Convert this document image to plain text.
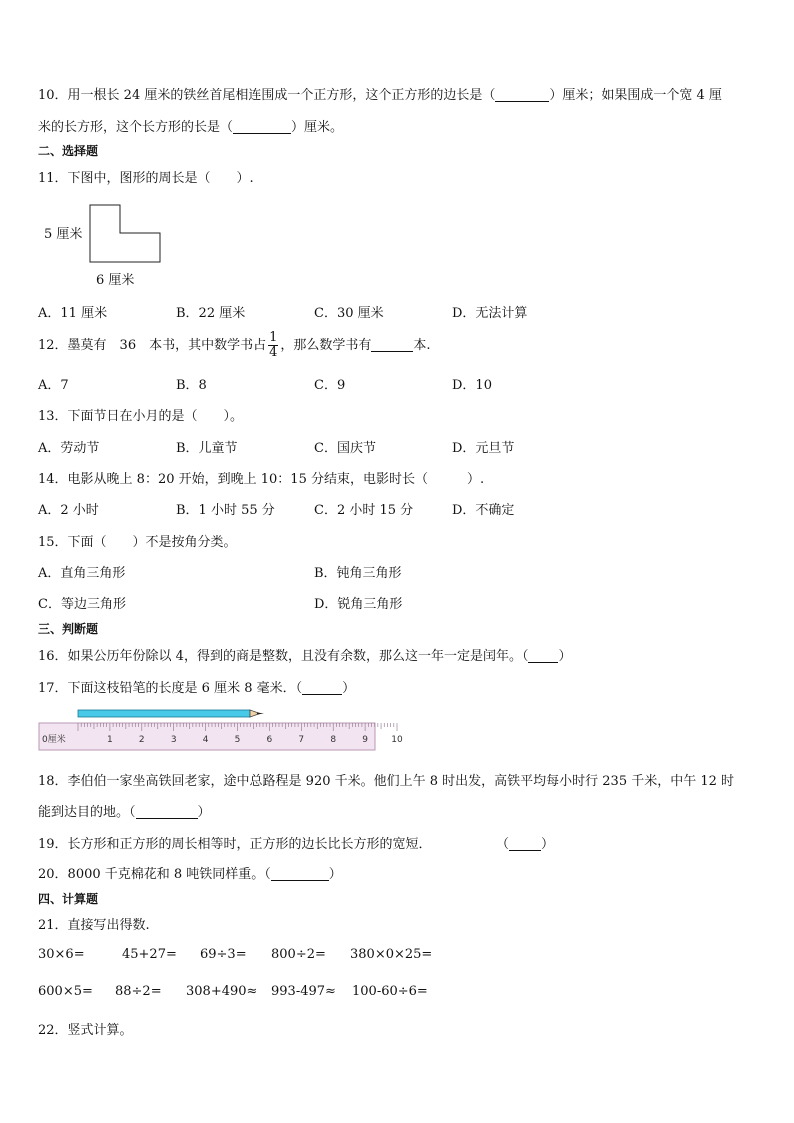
10．用一根长 24 厘米的铁丝首尾相连围成一个正方形，这个正方形的边长是（	）厘米；如果围成一个宽 4 厘
米的长方形，这个长方形的长是（	）厘米。
二、选择题
11．下图中，图形的周长是（　　）.
5 厘米
6 厘米
A．11 厘米	B．22 厘米	C．30 厘米	D．无法计算
12．墨莫有　36　本书，其中数学书占 $\frac{1}{4}$ ，那么数学书有	本.
A．7	B．8	C．9	D．10
13．下面节日在小月的是（　　）。
A．劳动节	B．儿童节	C．国庆节	D．元旦节
14．电影从晚上 8：20 开始，到晚上 10：15 分结束，电影时长（　　　）.
A．2 小时	B．1 小时 55 分	C．2 小时 15 分	D．不确定
15．下面（　　）不是按角分类。
A．直角三角形	B．钝角三角形
C．等边三角形	D．锐角三角形
三、判断题
16．如果公历年份除以 4，得到的商是整数，且没有余数，那么这一年一定是闰年。（ ）
17．下面这枝铅笔的长度是 6 厘米 8 毫米．（	）
0厘米	1	2	3	4	5	6	7	8	9	10
18．李伯伯一家坐高铁回老家，途中总路程是 920 千米。他们上午 8 时出发，高铁平均每小时行 235 千米，中午 12 时
能到达目的地。（	）
19．长方形和正方形的周长相等时，正方形的边长比长方形的宽短．	（ ）
20．8000 千克棉花和 8 吨铁同样重。（	）
四、计算题
21．直接写出得数.
30×6=	45+27= 69÷3= 800÷2= 380×0×25=
600×5= 88÷2= 308+490≈ 993-497≈ 100-60÷6=
22．竖式计算。
